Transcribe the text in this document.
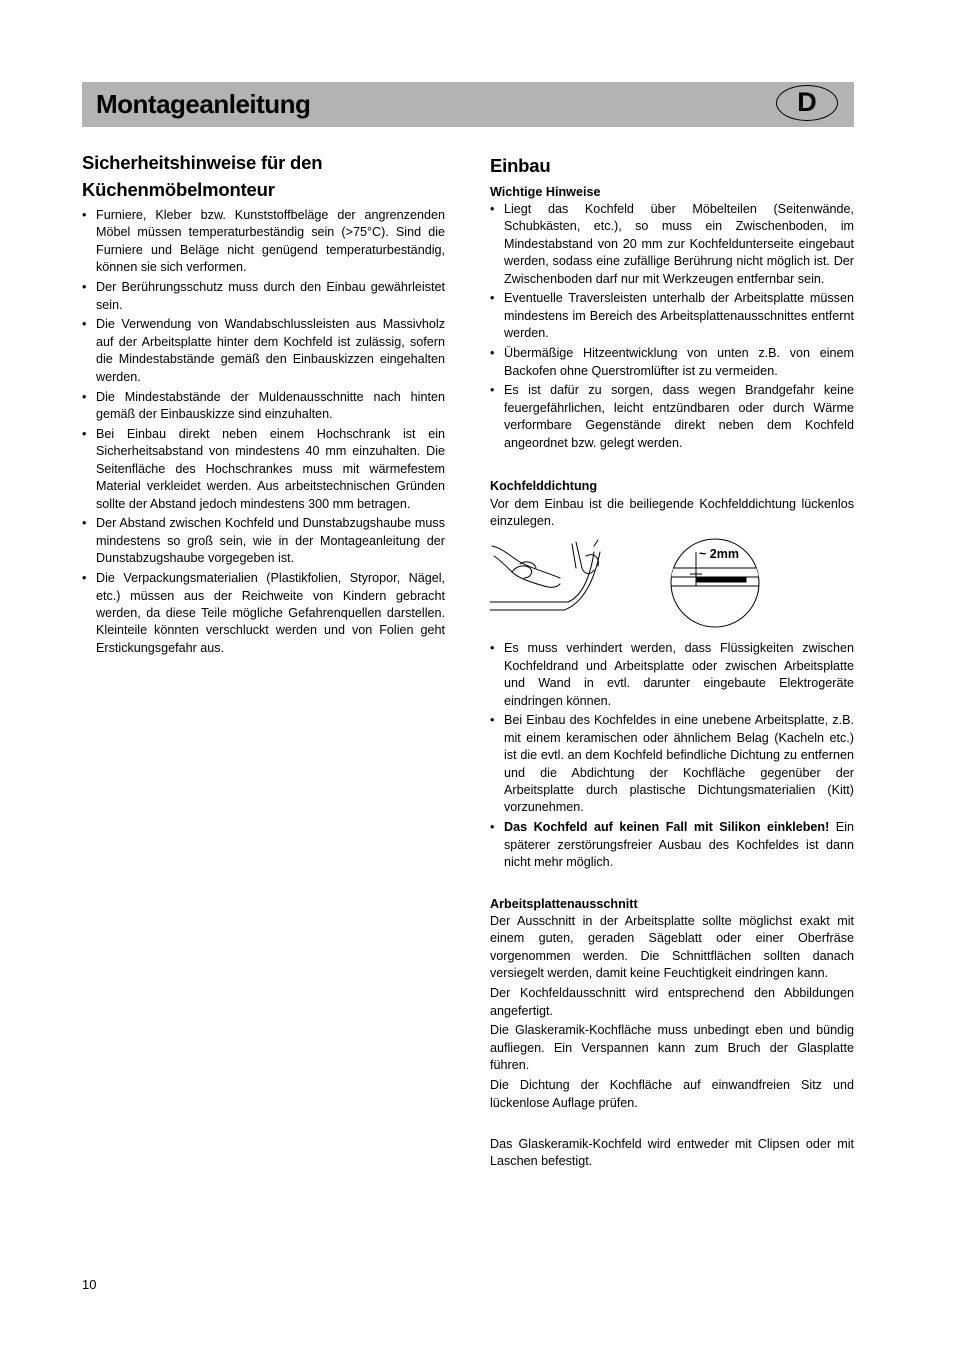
Montageanleitung	D
Sicherheitshinweise für den Küchenmöbelmonteur
• Furniere, Kleber bzw. Kunststoffbeläge der angrenzenden Möbel müssen temperaturbeständig sein (>75°C). Sind die Furniere und Beläge nicht genügend temperaturbeständig, können sie sich verformen.
• Der Berührungsschutz muss durch den Einbau gewährleistet sein.
• Die Verwendung von Wandabschlussleisten aus Massivholz auf der Arbeitsplatte hinter dem Kochfeld ist zulässig, sofern die Mindestabstände gemäß den Einbauskizzen eingehalten werden.
• Die Mindestabstände der Muldenausschnitte nach hinten gemäß der Einbauskizze sind einzuhalten.
• Bei Einbau direkt neben einem Hochschrank ist ein Sicherheitsabstand von mindestens 40 mm einzuhalten. Die Seitenfläche des Hochschrankes muss mit wärmefestem Material verkleidet werden. Aus arbeitstechnischen Gründen sollte der Abstand jedoch mindestens 300 mm betragen.
• Der Abstand zwischen Kochfeld und Dunstabzugshaube muss mindestens so groß sein, wie in der Montageanleitung der Dunstabzugshaube vorgegeben ist.
• Die Verpackungsmaterialien (Plastikfolien, Styropor, Nägel, etc.) müssen aus der Reichweite von Kindern gebracht werden, da diese Teile mögliche Gefahrenquellen darstellen. Kleinteile könnten verschluckt werden und von Folien geht Erstickungsgefahr aus.
Einbau
Wichtige Hinweise
• Liegt das Kochfeld über Möbelteilen (Seitenwände, Schubkästen, etc.), so muss ein Zwischenboden, im Mindestabstand von 20 mm zur Kochfeldunterseite eingebaut werden, sodass eine zufällige Berührung nicht möglich ist. Der Zwischenboden darf nur mit Werkzeugen entfernbar sein.
• Eventuelle Traversleisten unterhalb der Arbeitsplatte müssen mindestens im Bereich des Arbeitsplattenausschnittes entfernt werden.
• Übermäßige Hitzeentwicklung von unten z.B. von einem Backofen ohne Querstromlüfter ist zu vermeiden.
• Es ist dafür zu sorgen, dass wegen Brandgefahr keine feuergefährlichen, leicht entzündbaren oder durch Wärme verformbare Gegenstände direkt neben dem Kochfeld angeordnet bzw. gelegt werden.
Kochfelddichtung

Vor dem Einbau ist die beiliegende Kochfelddichtung lückenlos einzulegen.

~ 2mm
• Es muss verhindert werden, dass Flüssigkeiten zwischen Kochfeldrand und Arbeitsplatte oder zwischen Arbeitsplatte und Wand in evtl. darunter eingebaute Elektrogeräte eindringen können.
• Bei Einbau des Kochfeldes in eine unebene Arbeitsplatte, z.B. mit einem keramischen oder ähnlichem Belag (Kacheln etc.) ist die evtl. an dem Kochfeld befindliche Dichtung zu entfernen und die Abdichtung der Kochfläche gegenüber der Arbeitsplatte durch plastische Dichtungsmaterialien (Kitt) vorzunehmen.
• Das Kochfeld auf keinen Fall mit Silikon einkleben! Ein späterer zerstörungsfreier Ausbau des Kochfeldes ist dann nicht mehr möglich.
Arbeitsplattenausschnitt

Der Ausschnitt in der Arbeitsplatte sollte möglichst exakt mit einem guten, geraden Sägeblatt oder einer Oberfräse vorgenommen werden. Die Schnittflächen sollten danach versiegelt werden, damit keine Feuchtigkeit eindringen kann.

Der Kochfeldausschnitt wird entsprechend den Abbildungen angefertigt.

Die Glaskeramik-Kochfläche muss unbedingt eben und bündig aufliegen. Ein Verspannen kann zum Bruch der Glasplatte führen.

Die Dichtung der Kochfläche auf einwandfreien Sitz und lückenlose Auflage prüfen.

Das Glaskeramik-Kochfeld wird entweder mit Clipsen oder mit Laschen befestigt.

10
